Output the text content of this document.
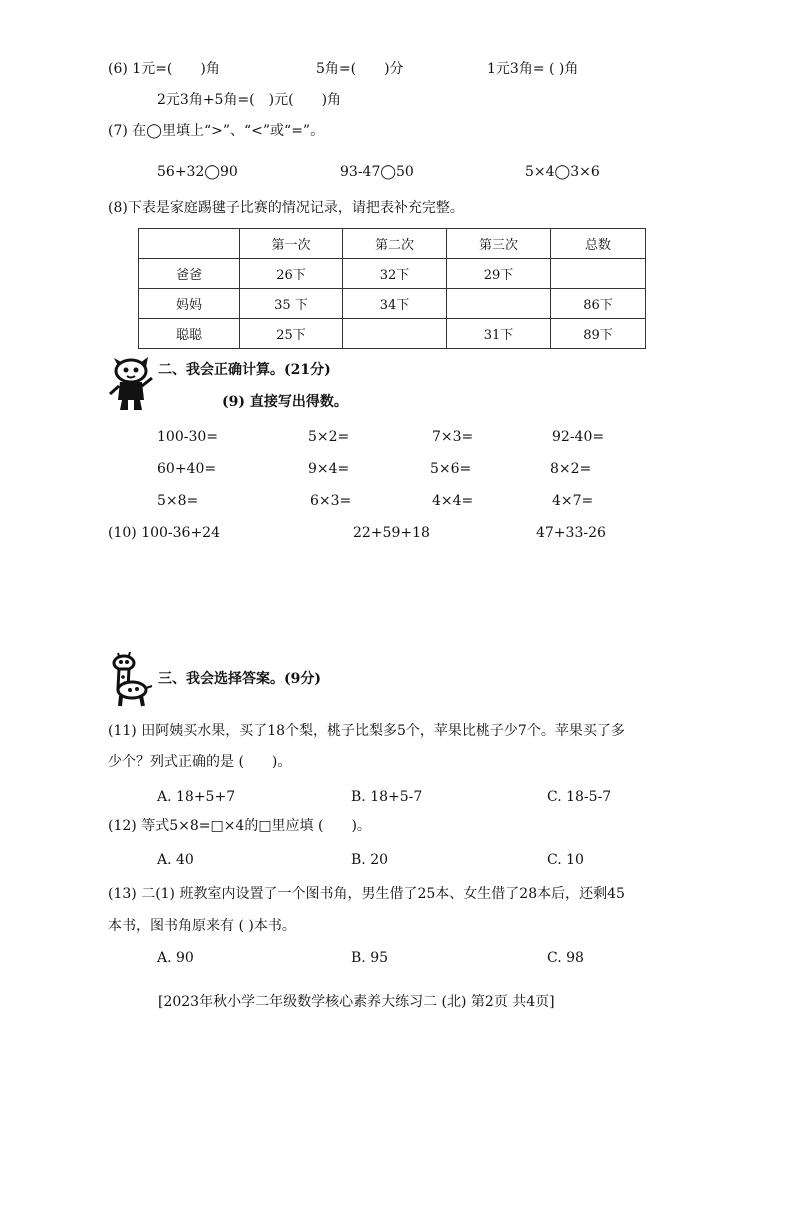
(6) 1元=(　　)角	5角=(　　)分	1元3角= ( )角
2元3角+5角=(　)元(　　)角
(7) 在◯里填上“>”、“<”或“=”。
56+32◯90	93-47◯50	5×4◯3×6
(8)下表是家庭踢毽子比赛的情况记录，请把表补充完整。
	第一次	第二次	第三次	总数
爸爸	26下	32下	29下	
妈妈	35 下	34下		86下
聪聪	25下		31下	89下
二、我会正确计算。(21分)
(9) 直接写出得数。
100-30=	5×2=	7×3=	92-40=
60+40=	9×4=	5×6=	8×2=
5×8=	6×3=	4×4=	4×7=
(10) 100-36+24	22+59+18	47+33-26
三、我会选择答案。(9分)
(11) 田阿姨买水果，买了18个梨，桃子比梨多5个，苹果比桃子少7个。苹果买了多
少个？列式正确的是 (　　)。
A. 18+5+7	B. 18+5-7	C. 18-5-7
(12) 等式5×8=□×4的□里应填 (　　)。
A. 40	B. 20	C. 10
(13) 二(1) 班教室内设置了一个图书角，男生借了25本、女生借了28本后，还剩45
本书，图书角原来有 ( )本书。
A. 90	B. 95	C. 98
[2023年秋小学二年级数学核心素养大练习二 (北) 第2页 共4页]
